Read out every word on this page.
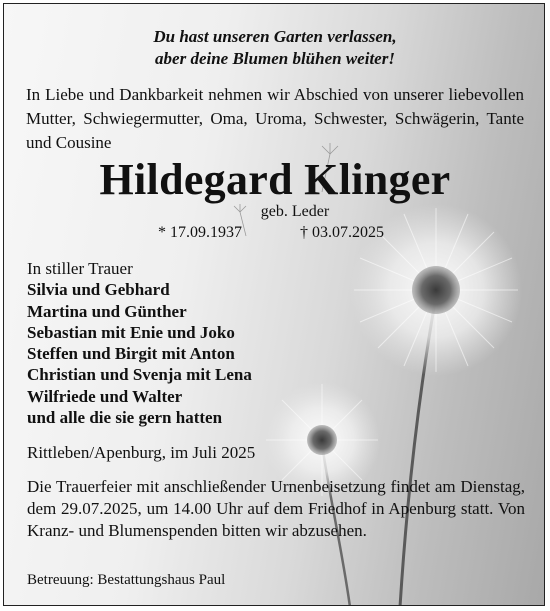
Du hast unseren Garten verlassen,
aber deine Blumen blühen weiter!
In Liebe und Dankbarkeit nehmen wir Abschied von unserer liebevollen Mutter, Schwiegermutter, Oma, Uroma, Schwester, Schwägerin, Tante und Cousine
Hildegard Klinger
geb. Leder
* 17.09.1937	† 03.07.2025
In stiller Trauer
Silvia und Gebhard
Martina und Günther
Sebastian mit Enie und Joko
Steffen und Birgit mit Anton
Christian und Svenja mit Lena
Wilfriede und Walter
und alle die sie gern hatten
Rittleben/Apenburg, im Juli 2025
Die Trauerfeier mit anschließender Urnenbeisetzung findet am Dienstag, dem 29.07.2025, um 14.00 Uhr auf dem Friedhof in Apenburg statt. Von Kranz- und Blumenspenden bitten wir abzusehen.
Betreuung: Bestattungshaus Paul
